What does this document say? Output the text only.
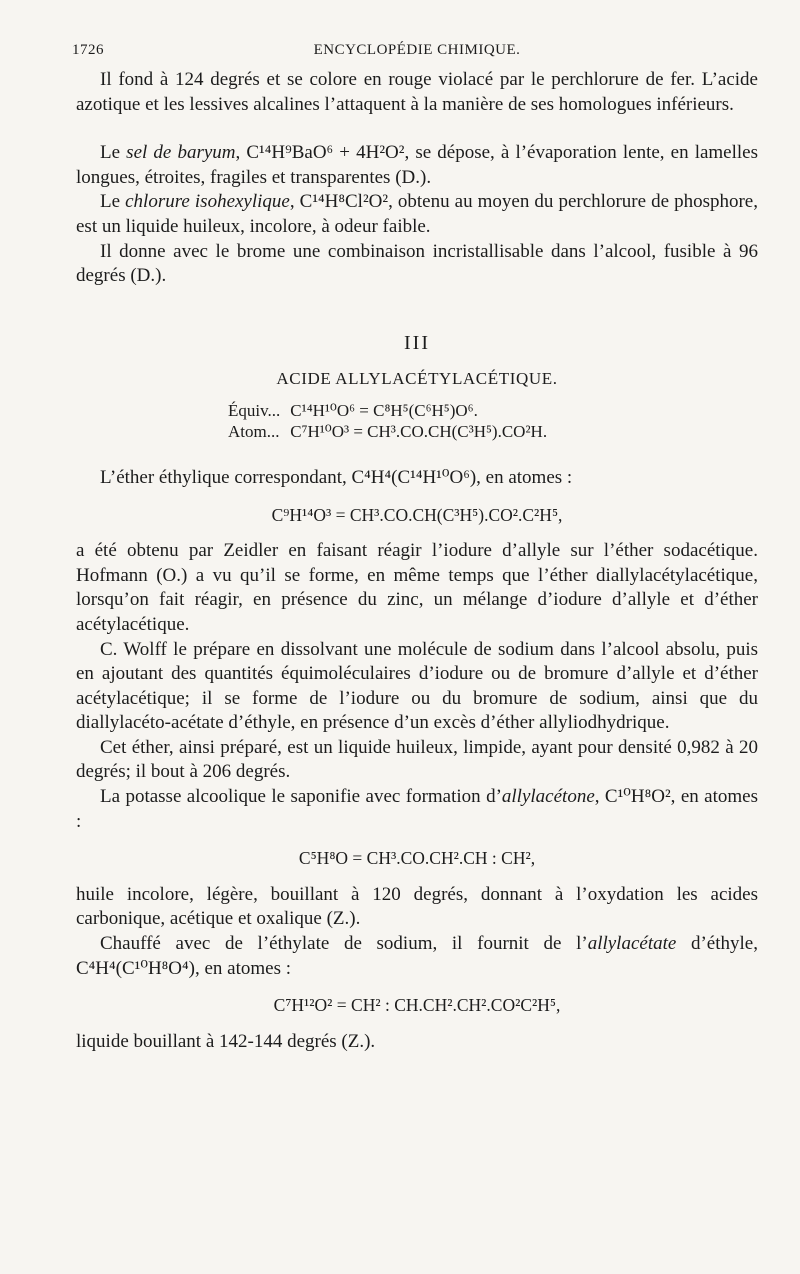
1726	ENCYCLOPÉDIE CHIMIQUE.

Il fond à 124 degrés et se colore en rouge violacé par le perchlorure de fer. L’acide azotique et les lessives alcalines l’attaquent à la manière de ses homologues inférieurs.

Le sel de baryum, C¹⁴H⁹BaO⁶ + 4H²O², se dépose, à l’évaporation lente, en lamelles longues, étroites, fragiles et transparentes (D.).

Le chlorure isohexylique, C¹⁴H⁸Cl²O², obtenu au moyen du perchlorure de phosphore, est un liquide huileux, incolore, à odeur faible.

Il donne avec le brome une combinaison incristallisable dans l’alcool, fusible à 96 degrés (D.).

III
ACIDE ALLYLACÉTYLACÉTIQUE.
Équiv... C¹⁴H¹⁰O⁶ = C⁸H⁵(C⁶H⁵)O⁶.
Atom... C⁷H¹⁰O³ = CH³.CO.CH(C³H⁵).CO²H.

L’éther éthylique correspondant, C⁴H⁴(C¹⁴H¹⁰O⁶), en atomes :

C⁹H¹⁴O³ = CH³.CO.CH(C³H⁵).CO².C²H⁵,

a été obtenu par Zeidler en faisant réagir l’iodure d’allyle sur l’éther sodacétique. Hofmann (O.) a vu qu’il se forme, en même temps que l’éther diallylacétylacétique, lorsqu’on fait réagir, en présence du zinc, un mélange d’iodure d’allyle et d’éther acétylacétique.

C. Wolff le prépare en dissolvant une molécule de sodium dans l’alcool absolu, puis en ajoutant des quantités équimoléculaires d’iodure ou de bromure d’allyle et d’éther acétylacétique; il se forme de l’iodure ou du bromure de sodium, ainsi que du diallylacéto-acétate d’éthyle, en présence d’un excès d’éther allyliodhydrique.

Cet éther, ainsi préparé, est un liquide huileux, limpide, ayant pour densité 0,982 à 20 degrés; il bout à 206 degrés.

La potasse alcoolique le saponifie avec formation d’allylacétone, C¹⁰H⁸O², en atomes :

C⁵H⁸O = CH³.CO.CH².CH : CH²,

huile incolore, légère, bouillant à 120 degrés, donnant à l’oxydation les acides carbonique, acétique et oxalique (Z.).

Chauffé avec de l’éthylate de sodium, il fournit de l’allylacétate d’éthyle, C⁴H⁴(C¹⁰H⁸O⁴), en atomes :

C⁷H¹²O² = CH² : CH.CH².CH².CO²C²H⁵,

liquide bouillant à 142-144 degrés (Z.).
